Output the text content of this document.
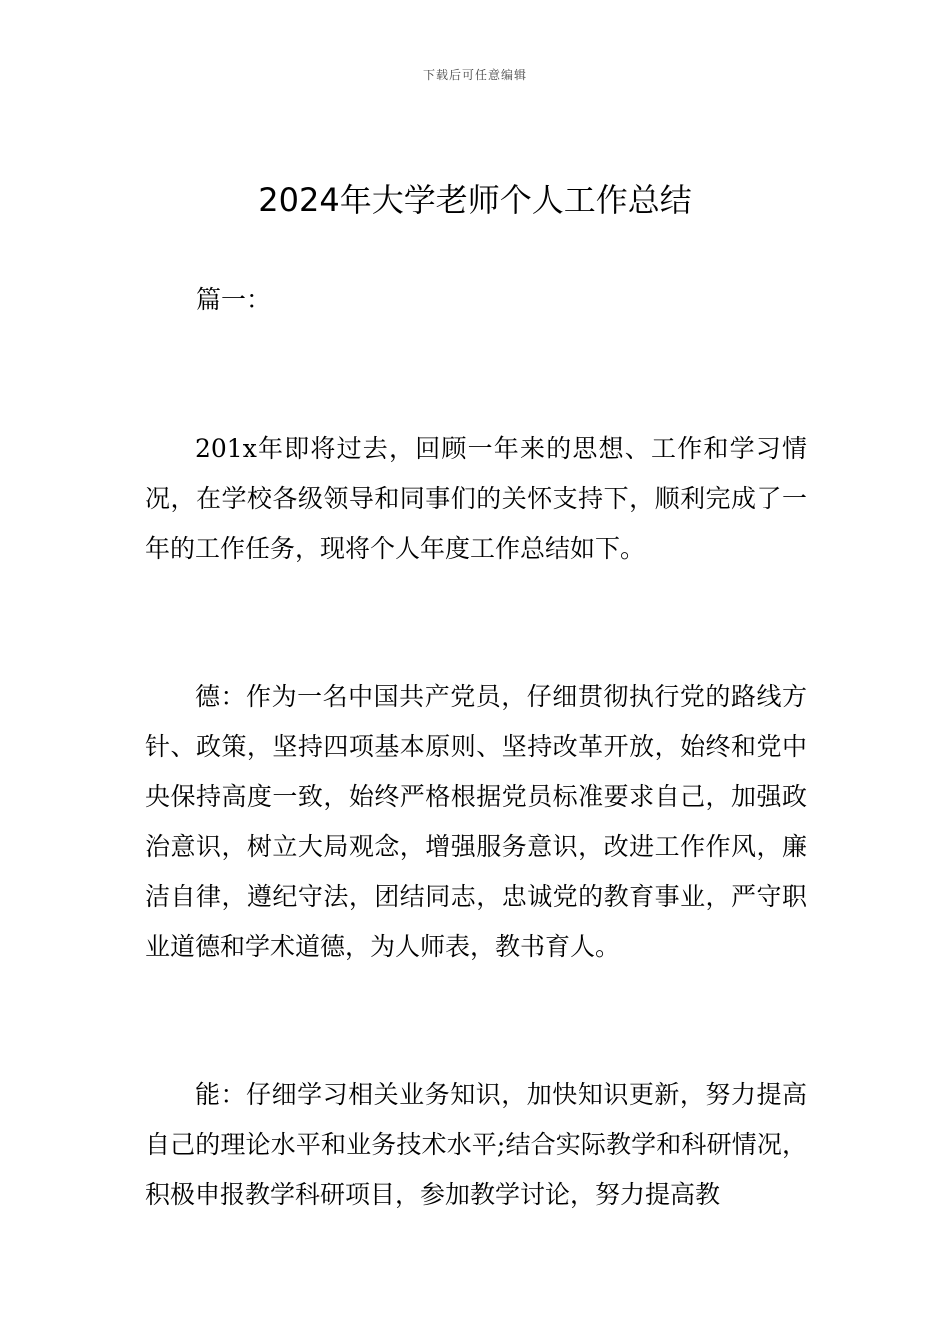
下载后可任意编辑
2024年大学老师个人工作总结
篇一：

201x年即将过去，回顾一年来的思想、工作和学习情况，在学校各级领导和同事们的关怀支持下，顺利完成了一年的工作任务，现将个人年度工作总结如下。

德：作为一名中国共产党员，仔细贯彻执行党的路线方针、政策，坚持四项基本原则、坚持改革开放，始终和党中央保持高度一致，始终严格根据党员标准要求自己，加强政治意识，树立大局观念，增强服务意识，改进工作作风，廉洁自律，遵纪守法，团结同志，忠诚党的教育事业，严守职业道德和学术道德，为人师表，教书育人。

能：仔细学习相关业务知识，加快知识更新，努力提高自己的理论水平和业务技术水平;结合实际教学和科研情况，积极申报教学科研项目，参加教学讨论，努力提高教
